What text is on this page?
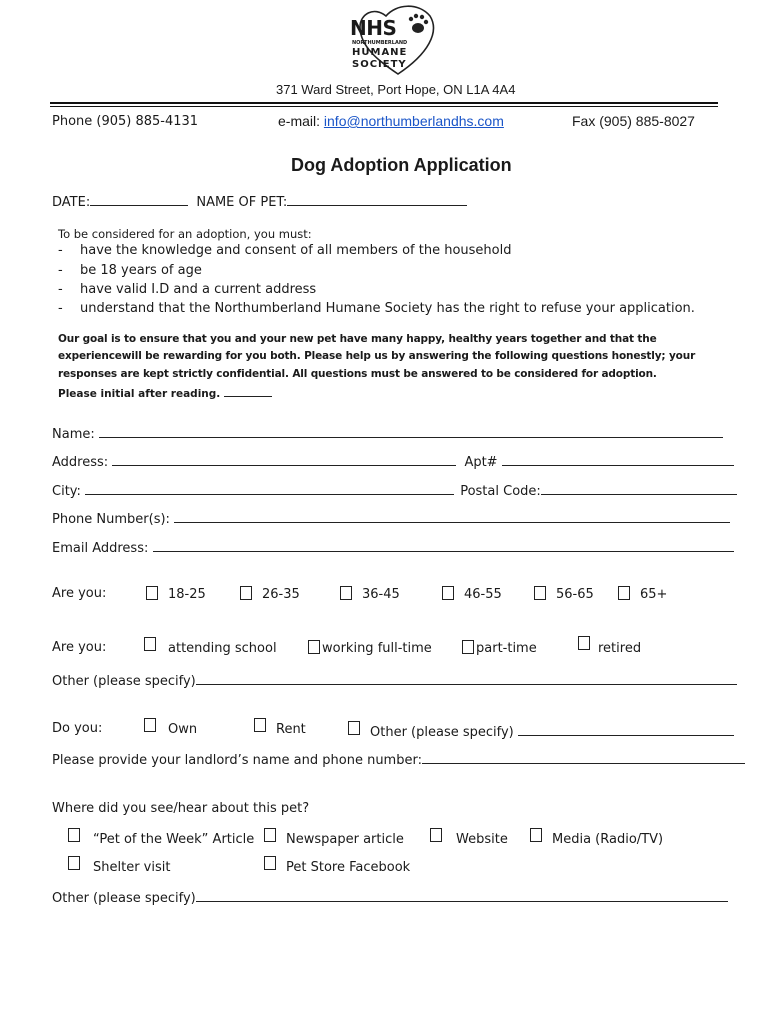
NHS
NORTHUMBERLAND
HUMANE
SOCIETY
371 Ward Street, Port Hope, ON L1A 4A4
Phone (905) 885-4131	e-mail: info@northumberlandhs.com	Fax (905) 885-8027
Dog Adoption Application
DATE:	NAME OF PET:
To be considered for an adoption, you must:
- have the knowledge and consent of all members of the household
- be 18 years of age
- have valid I.D and a current address
- understand that the Northumberland Humane Society has the right to refuse your application.
Our goal is to ensure that you and your new pet have many happy, healthy years together and that the
experiencewill be rewarding for you both. Please help us by answering the following questions honestly; your
responses are kept strictly confidential. All questions must be answered to be considered for adoption.
Please initial after reading.
Name:
Address:	Apt#
City:	Postal Code:
Phone Number(s):
Email Address:
Are you:	18-25	26-35	36-45	46-55	56-65	65+
Are you:	attending school	working full-time	part-time	retired
Other (please specify)
Do you:	Own	Rent	Other (please specify)
Please provide your landlord’s name and phone number:
Where did you see/hear about this pet?
“Pet of the Week” Article	Newspaper article	Website	Media (Radio/TV)
Shelter visit	Pet Store Facebook
Other (please specify)
